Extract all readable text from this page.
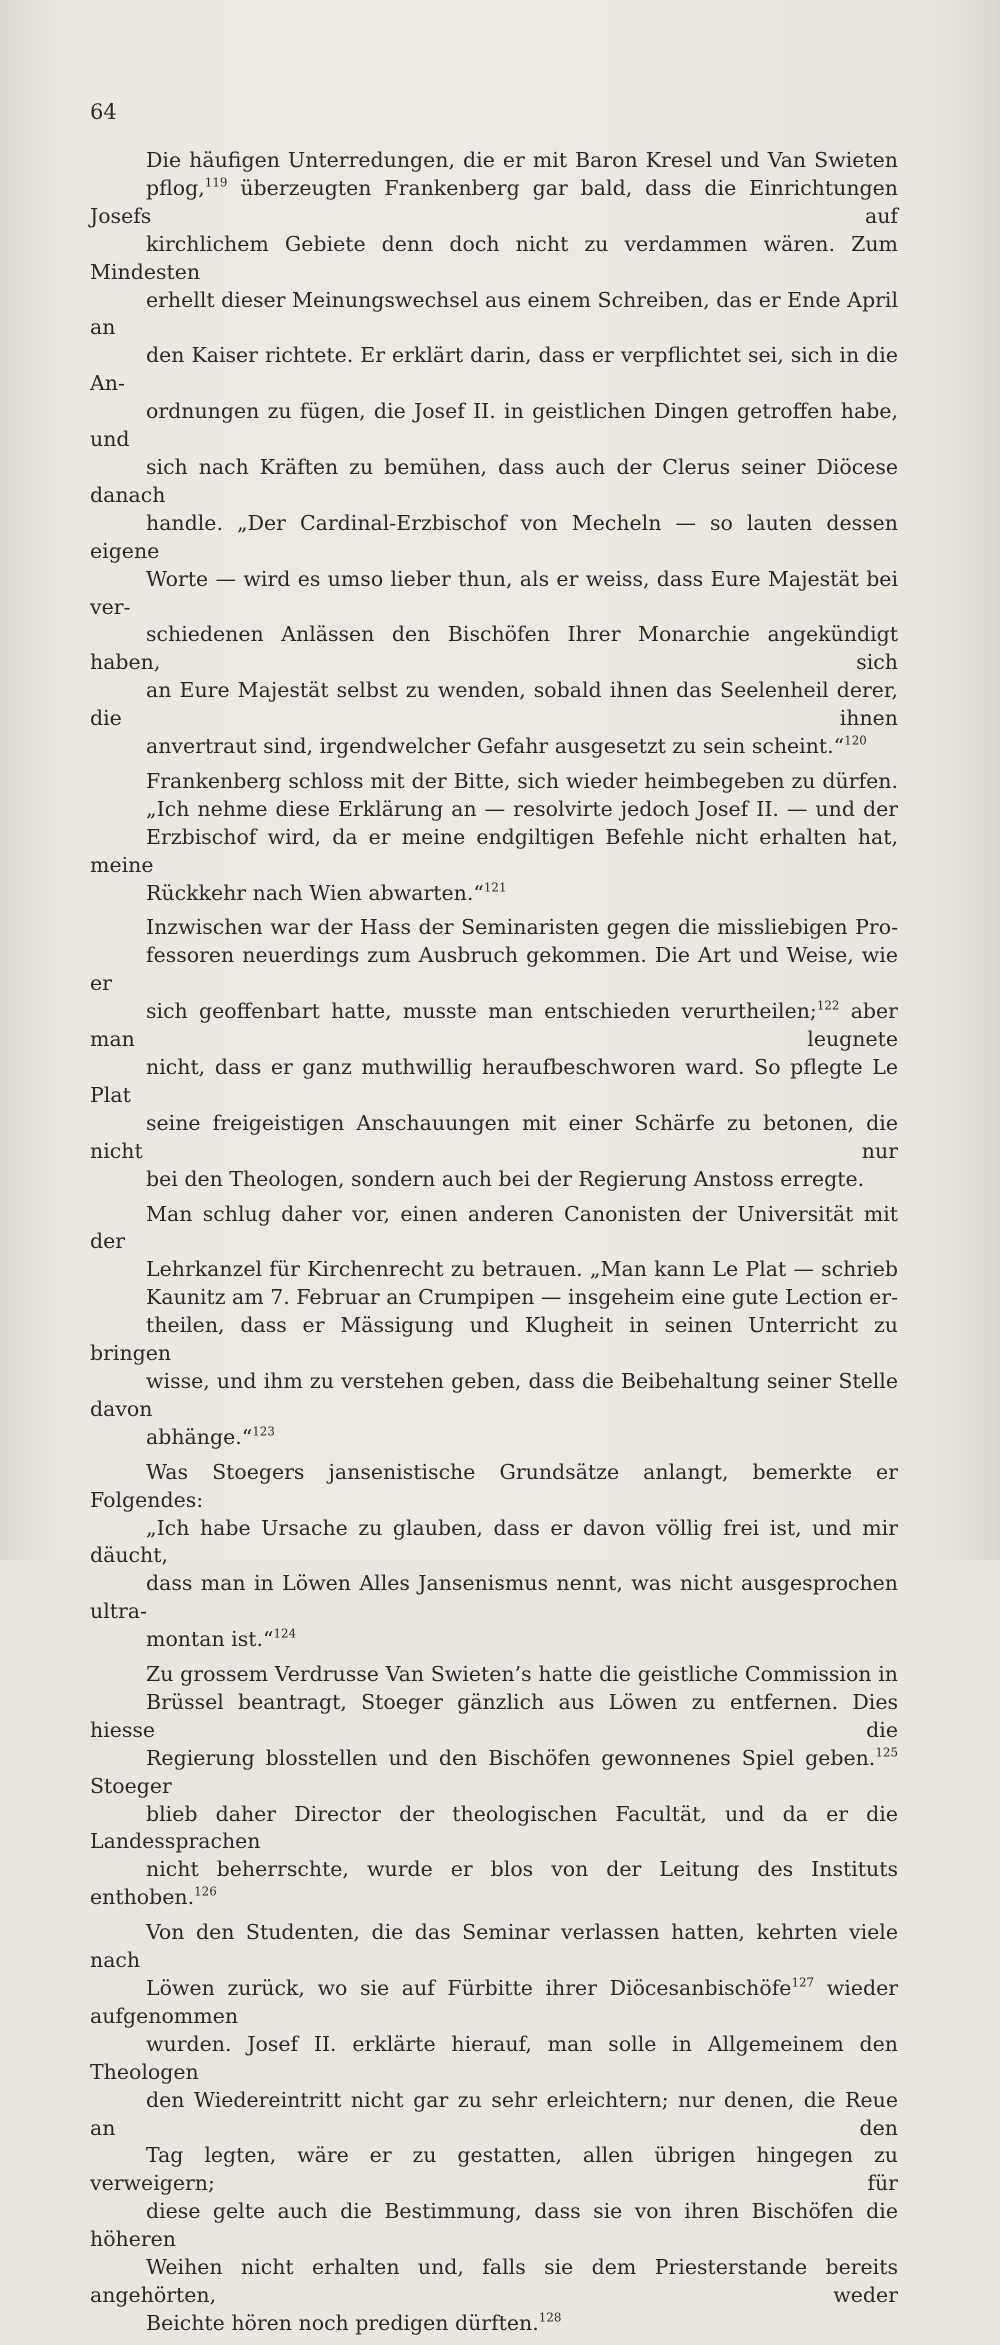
64

Die häufigen Unterredungen, die er mit Baron Kresel und Van Swieten
pflog,$^{119}$ überzeugten Frankenberg gar bald, dass die Einrichtungen Josefs auf
kirchlichem Gebiete denn doch nicht zu verdammen wären. Zum Mindesten
erhellt dieser Meinungswechsel aus einem Schreiben, das er Ende April an
den Kaiser richtete. Er erklärt darin, dass er verpflichtet sei, sich in die An-
ordnungen zu fügen, die Josef II. in geistlichen Dingen getroffen habe, und
sich nach Kräften zu bemühen, dass auch der Clerus seiner Diöcese danach
handle. „Der Cardinal-Erzbischof von Mecheln — so lauten dessen eigene
Worte — wird es umso lieber thun, als er weiss, dass Eure Majestät bei ver-
schiedenen Anlässen den Bischöfen Ihrer Monarchie angekündigt haben, sich
an Eure Majestät selbst zu wenden, sobald ihnen das Seelenheil derer, die ihnen
anvertraut sind, irgendwelcher Gefahr ausgesetzt zu sein scheint.“$^{120}$

Frankenberg schloss mit der Bitte, sich wieder heimbegeben zu dürfen.
„Ich nehme diese Erklärung an — resolvirte jedoch Josef II. — und der
Erzbischof wird, da er meine endgiltigen Befehle nicht erhalten hat, meine
Rückkehr nach Wien abwarten.“$^{121}$

Inzwischen war der Hass der Seminaristen gegen die missliebigen Pro-
fessoren neuerdings zum Ausbruch gekommen. Die Art und Weise, wie er
sich geoffenbart hatte, musste man entschieden verurtheilen;$^{122}$ aber man leugnete
nicht, dass er ganz muthwillig heraufbeschworen ward. So pflegte Le Plat
seine freigeistigen Anschauungen mit einer Schärfe zu betonen, die nicht nur
bei den Theologen, sondern auch bei der Regierung Anstoss erregte.

Man schlug daher vor, einen anderen Canonisten der Universität mit der
Lehrkanzel für Kirchenrecht zu betrauen. „Man kann Le Plat — schrieb
Kaunitz am 7. Februar an Crumpipen — insgeheim eine gute Lection er-
theilen, dass er Mässigung und Klugheit in seinen Unterricht zu bringen
wisse, und ihm zu verstehen geben, dass die Beibehaltung seiner Stelle davon
abhänge.“$^{123}$

Was Stoegers jansenistische Grundsätze anlangt, bemerkte er Folgendes:
„Ich habe Ursache zu glauben, dass er davon völlig frei ist, und mir däucht,
dass man in Löwen Alles Jansenismus nennt, was nicht ausgesprochen ultra-
montan ist.“$^{124}$

Zu grossem Verdrusse Van Swieten’s hatte die geistliche Commission in
Brüssel beantragt, Stoeger gänzlich aus Löwen zu entfernen. Dies hiesse die
Regierung blosstellen und den Bischöfen gewonnenes Spiel geben.$^{125}$ Stoeger
blieb daher Director der theologischen Facultät, und da er die Landessprachen
nicht beherrschte, wurde er blos von der Leitung des Instituts enthoben.$^{126}$

Von den Studenten, die das Seminar verlassen hatten, kehrten viele nach
Löwen zurück, wo sie auf Fürbitte ihrer Diöcesanbischöfe$^{127}$ wieder aufgenommen
wurden. Josef II. erklärte hierauf, man solle in Allgemeinem den Theologen
den Wiedereintritt nicht gar zu sehr erleichtern; nur denen, die Reue an den
Tag legten, wäre er zu gestatten, allen übrigen hingegen zu verweigern; für
diese gelte auch die Bestimmung, dass sie von ihren Bischöfen die höheren
Weihen nicht erhalten und, falls sie dem Priesterstande bereits angehörten, weder
Beichte hören noch predigen dürften.$^{128}$
